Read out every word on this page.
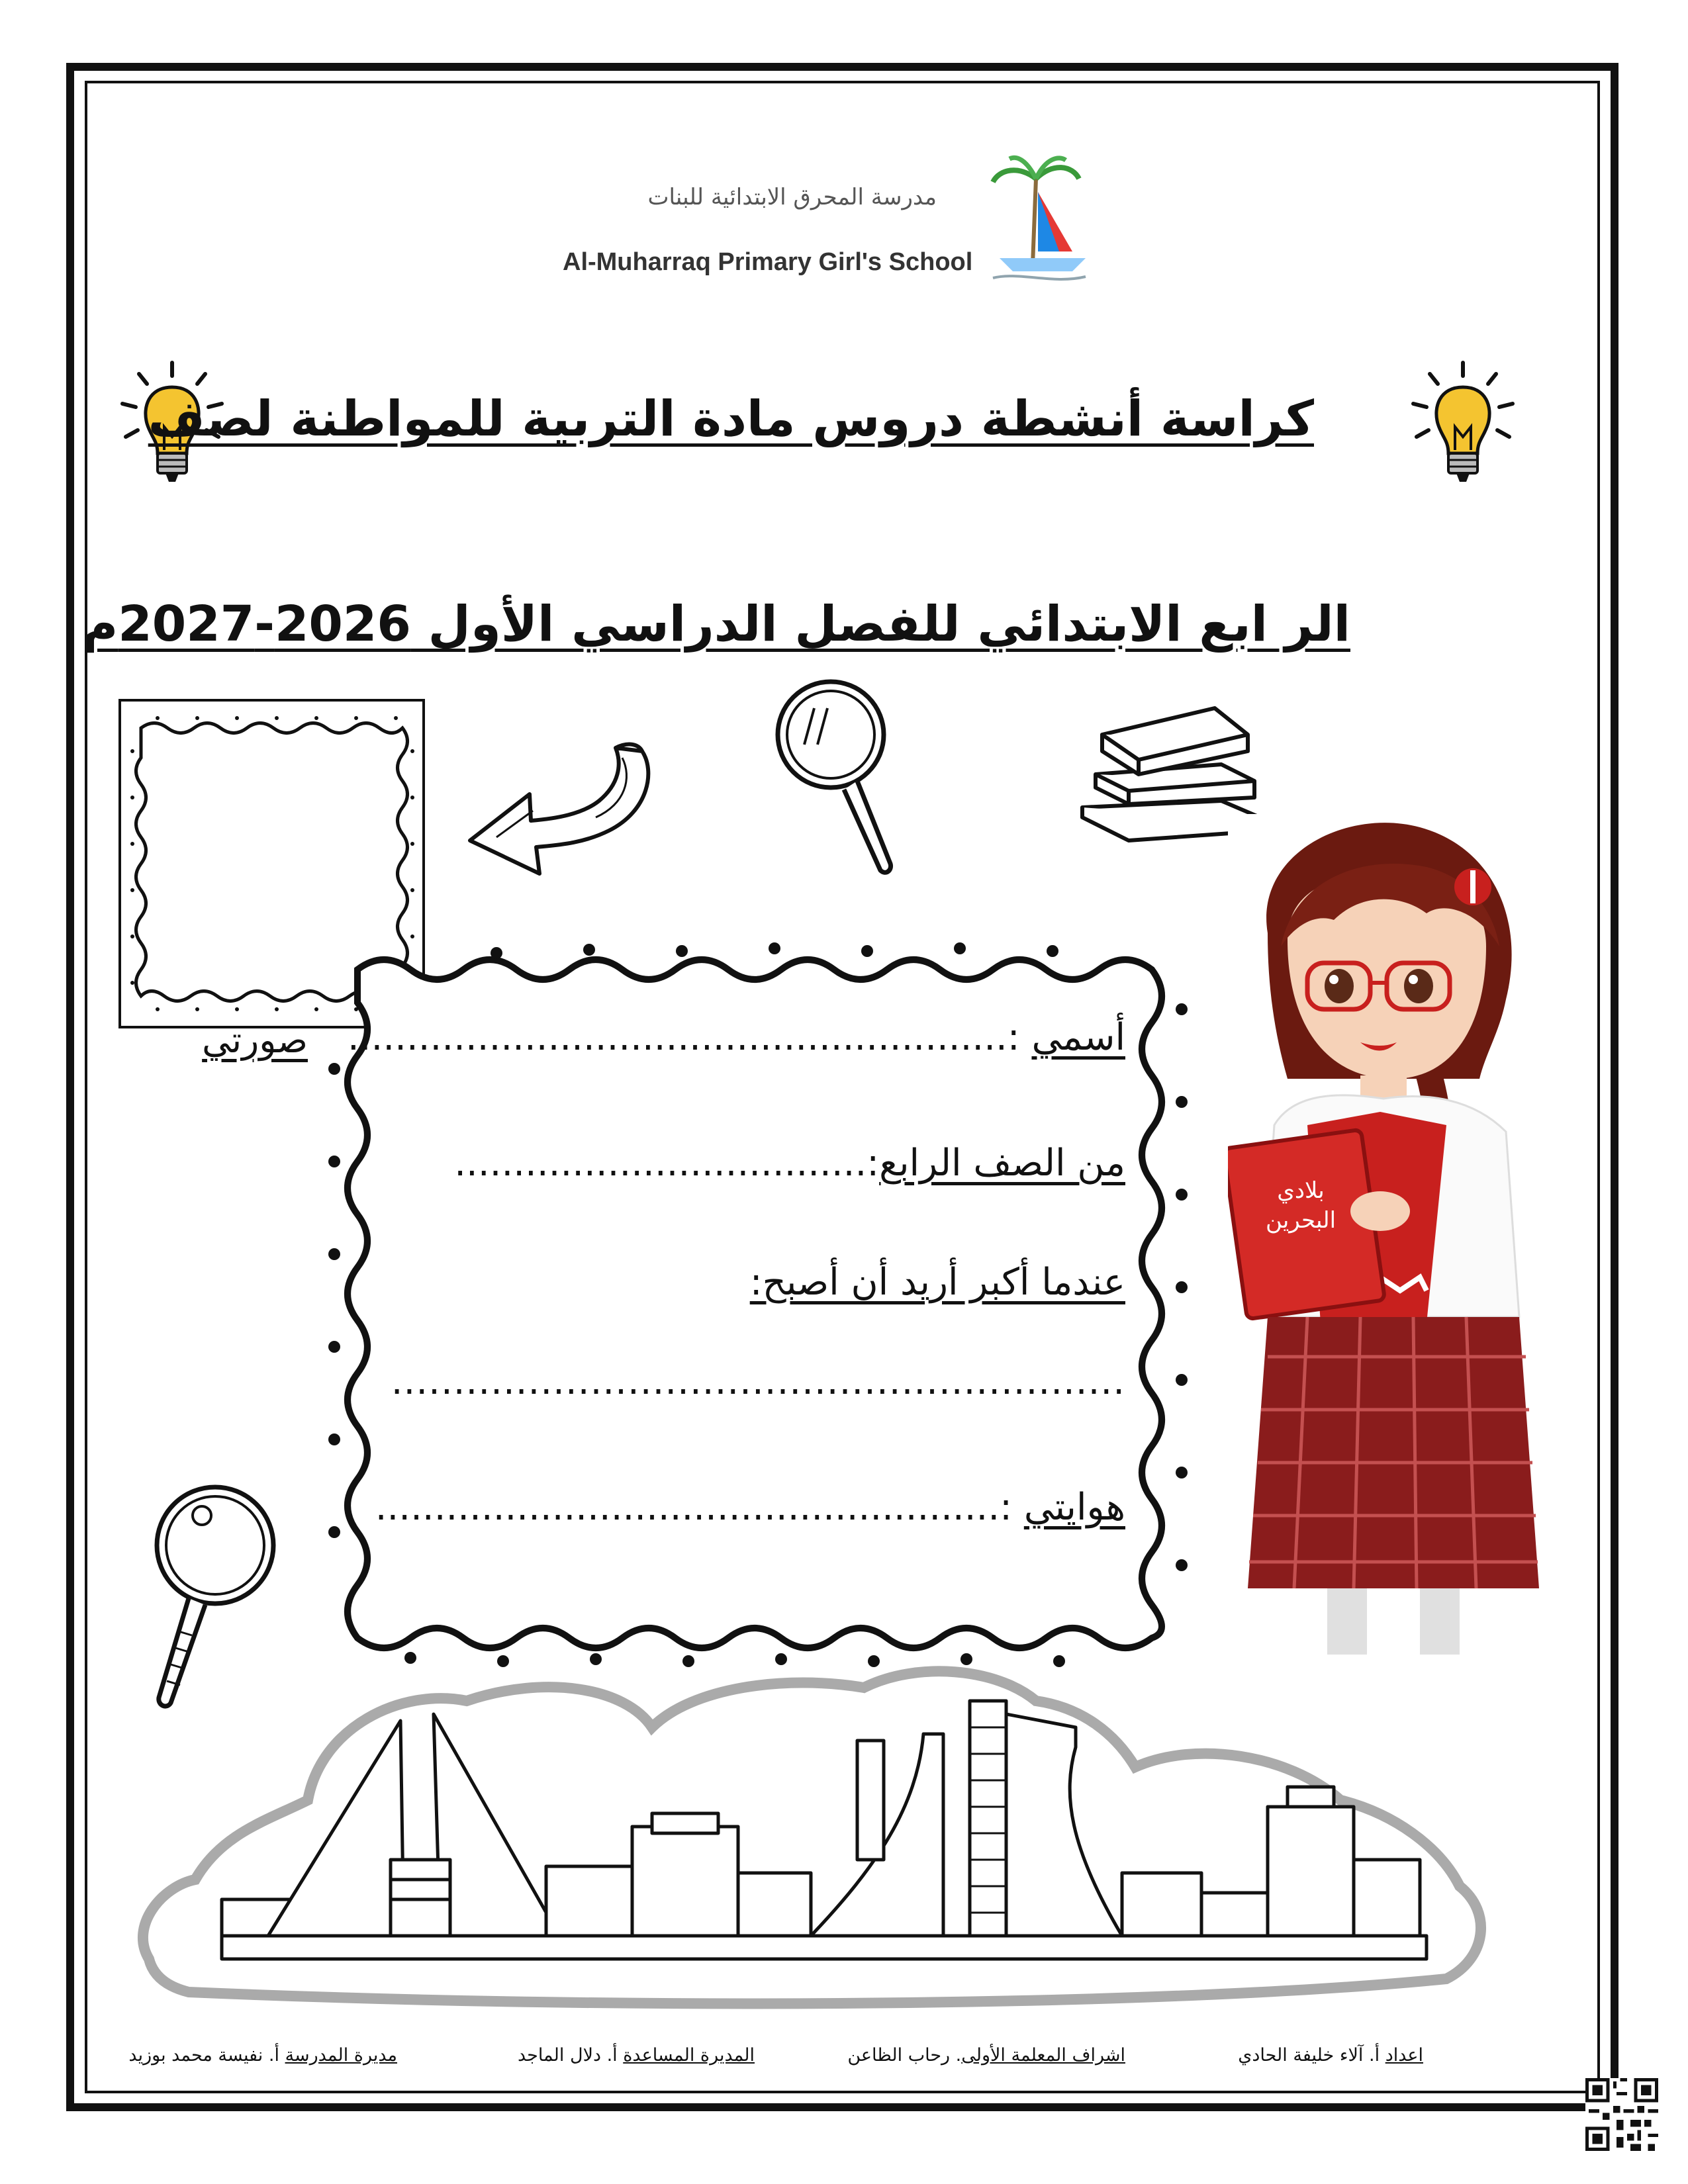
مدرسة المحرق الابتدائية للبنات
Al-Muharraq Primary Girl's School
كراسة أنشطة دروس مادة التربية للمواطنة لصف
الر ابع الابتدائي للفصل الدراسي الأول 2026-2027م
صورتي	أسمي :........................................................
من الصف الرابع:...................................
عندما أكبر أريد أن أصبح:
...........................................................
هوايتي :.....................................................
بلادي
البحرين
اعداد أ. آلاء خليفة الحادي
اشراف المعلمة الأولى. رحاب الظاعن
المديرة المساعدة أ. دلال الماجد
مديرة المدرسة أ. نفيسة محمد بوزيد
